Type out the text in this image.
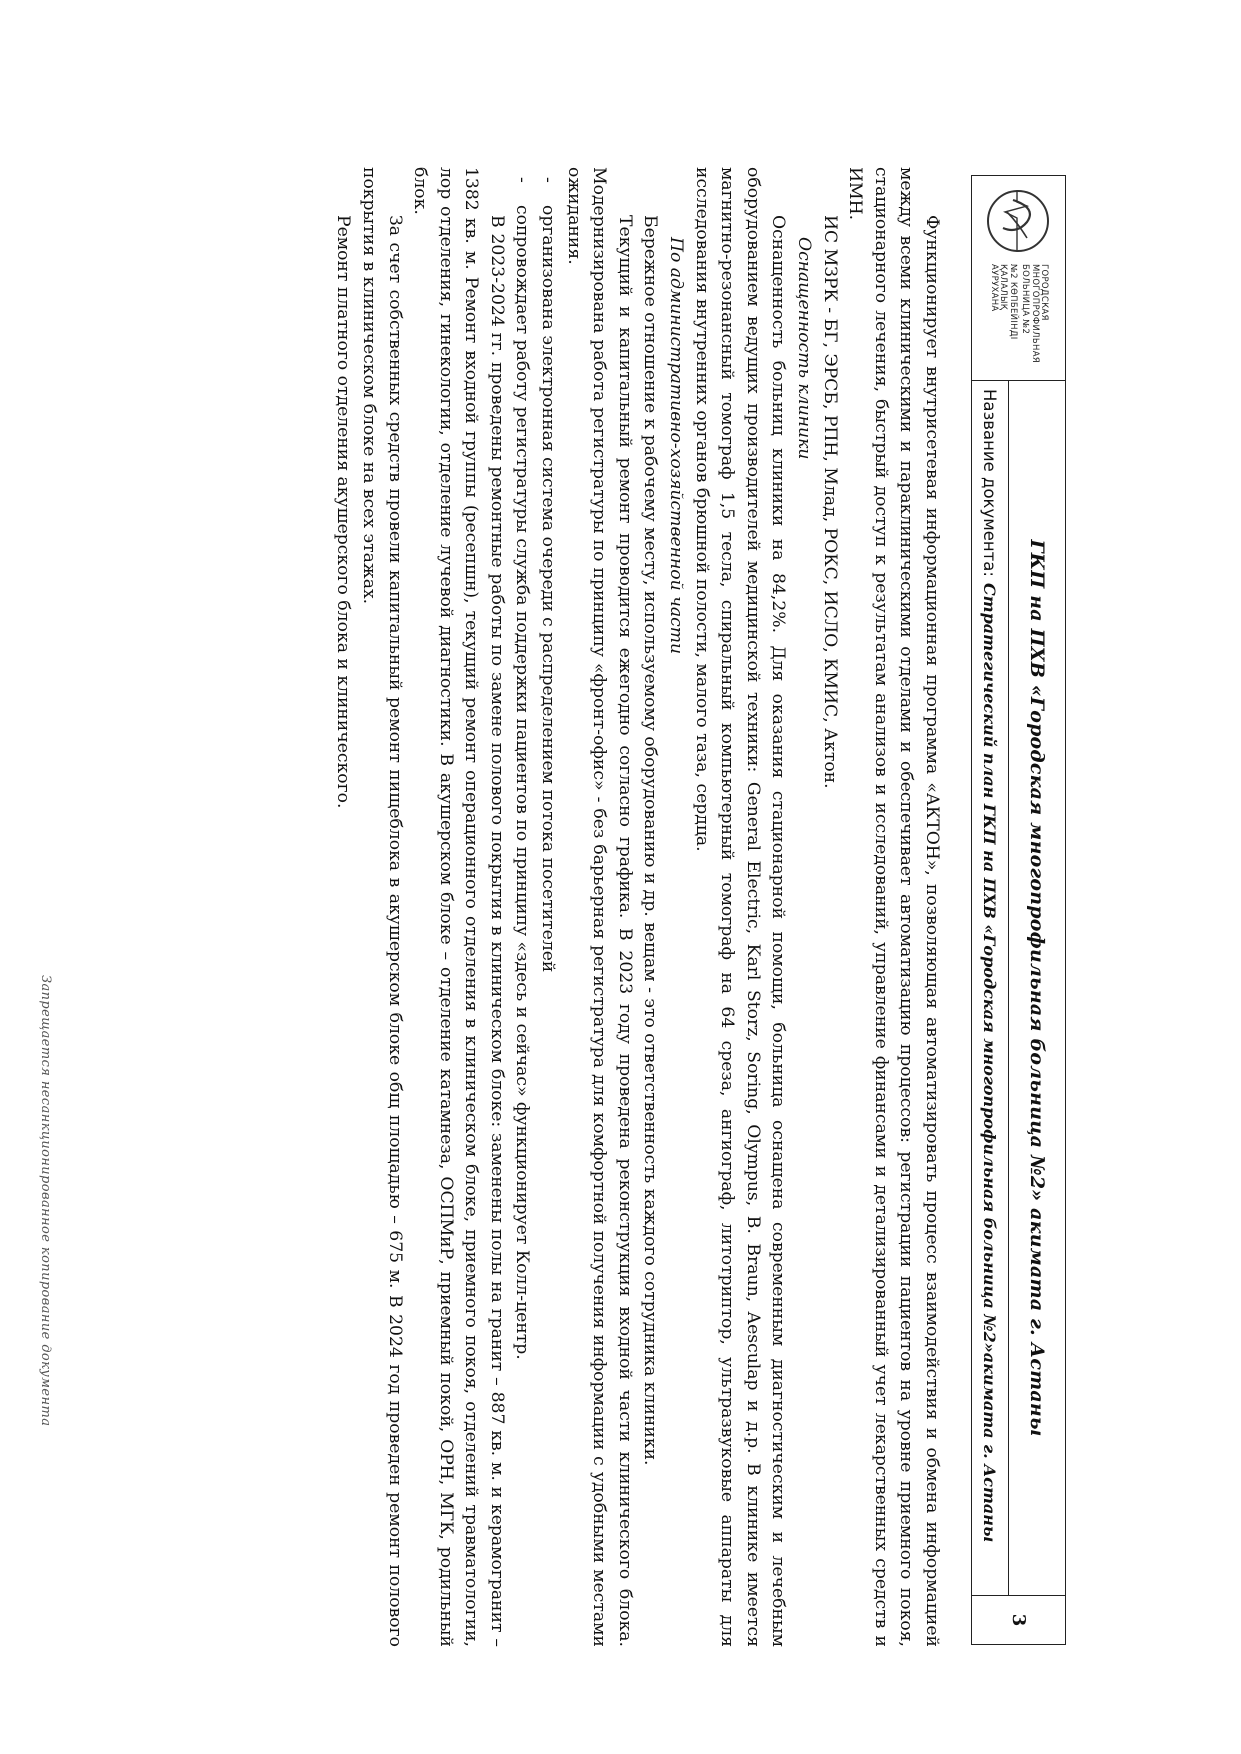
ГОРОДСКАЯ
МНОГОПРОФИЛЬНАЯ
БОЛЬНИЦА №2
№2 КӨПБЕЙІНДІ
ҚАЛАЛЫҚ
АУРУХАНА
ГКП на ПХВ «Городская многопрофильная больница №2» акимата г. Астаны
Название документа:
Стратегический план ГКП на ПХВ «Городская многопрофильная больница №2»акимата г. Астаны
3

Функционирует внутрисетевая информационная программа «АКТОН», позволяющая автоматизировать процесс взаимодействия и обмена информацией между всеми клиническими и параклиническими отделами и обеспечивает автоматизацию процессов: регистрации пациентов на уровне приемного покоя, стационарного лечения, быстрый доступ к результатам анализов и исследований, управление финансами и детализированный учет лекарственных средств и ИМН.

ИС МЗРК - БГ, ЭРСБ, РПН, Млад, РОКС, ИСЛО, КМИС, Актон.

Оснащенность клиники

Оснащенность больниц клиники на 84,2%. Для оказания стационарной помощи, больница оснащена современным диагностическим и лечебным оборудованием ведущих производителей медицинской техники: General Electric, Karl Storz, Soring, Olympus, B. Braun, Aesculap и д.р. В клинике имеется магнитно-резонансный томограф 1,5 тесла, спиральный компьютерный томограф на 64 среза, ангиограф, литотриптор, ультразвуковые аппараты для исследования внутренних органов брюшной полости, малого таза, сердца.

По административно-хозяйственной части

Бережное отношение к рабочему месту, используемому оборудованию и др. вещам - это ответственность каждого сотрудника клиники.

Текущий и капитальный ремонт проводится ежегодно согласно графика. В 2023 году проведена реконструкция входной части клинического блока. Модернизирована работа регистратуры по принципу «фронт-офис» - без барьерная регистратура для комфортной получения информации с удобными местами ожидания.

-организована электронная система очереди с распределением потока посетителей

-сопровождает работу регистратуры служба поддержки пациентов по принципу «здесь и сейчас» функционирует Колл-центр.

В 2023-2024 гг. проведены ремонтные работы по замене полового покрытия в клиническом блоке: заменены полы на гранит – 887 кв. м. и керамогранит – 1382 кв. м. Ремонт входной группы (ресепшн), текущий ремонт операционного отделения в клиническом блоке, приемного покоя, отделений травматологии, лор отделения, гинекологии, отделение лучевой диагностики. В акушерском блоке – отделение катамнеза, ОСПМиР, приемный покой, ОРН, МГК, родильный блок.

За счет собственных средств провели капитальный ремонт пищеблока в акушерском блоке общ площадью – 675 м. В 2024 год проведен ремонт полового покрытия в клиническом блоке на всех этажах.

Ремонт платного отделения акушерского блока и клинического.

Запрещается несанкционированное копирование документа
